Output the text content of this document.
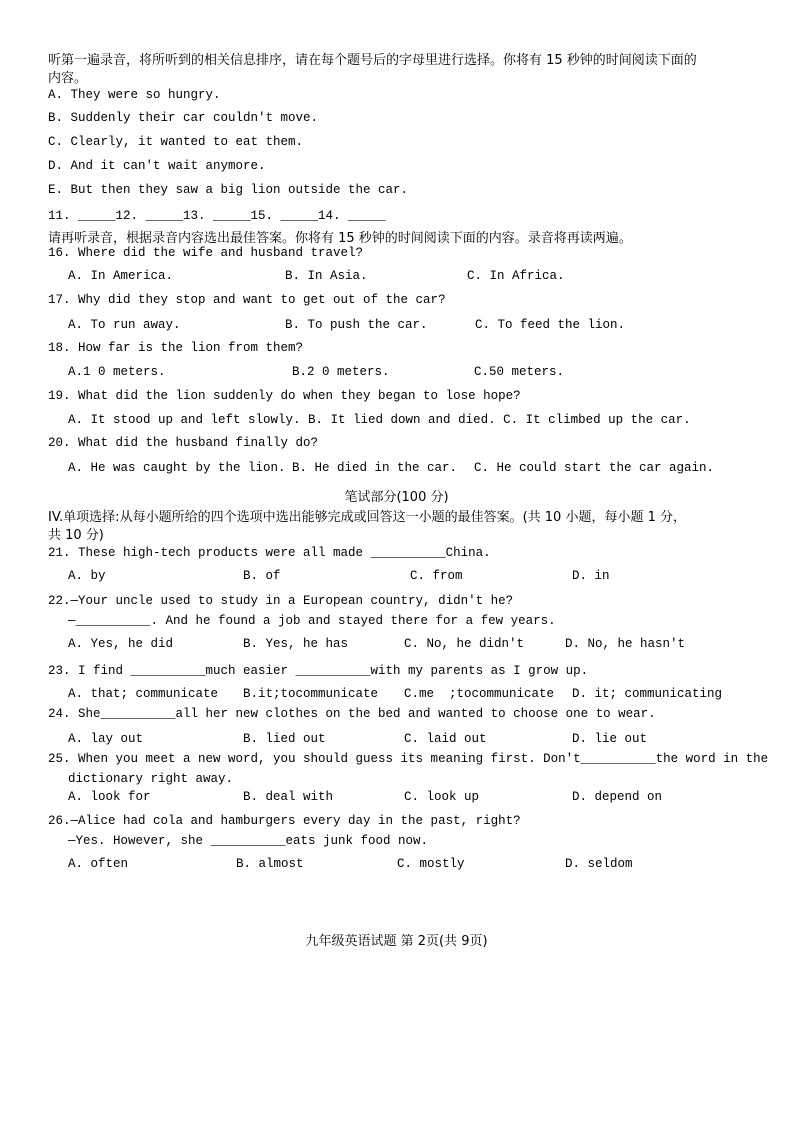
听第一遍录音，将所听到的相关信息排序，请在每个题号后的字母里进行选择。你将有 15 秒钟的时间阅读下面的
内容。
A. They were so hungry.
B. Suddenly their car couldn't move.
C. Clearly, it wanted to eat them.
D. And it can't wait anymore.
E. But then they saw a big lion outside the car.
11. _____12. _____13. _____15. _____14. _____
请再听录音，根据录音内容选出最佳答案。你将有 15 秒钟的时间阅读下面的内容。录音将再读两遍。
16. Where did the wife and husband travel?
A. In America.	B. In Asia.	C. In Africa.
17. Why did they stop and want to get out of the car?
A. To run away.	B. To push the car.	C. To feed the lion.
18. How far is the lion from them?
A.1 0 meters.	B.2 0 meters.	C.50 meters.
19. What did the lion suddenly do when they began to lose hope?
A. It stood up and left slowly. B. It lied down and died. C. It climbed up the car.
20. What did the husband finally do?
A. He was caught by the lion. B. He died in the car. C. He could start the car again.
笔试部分(100 分)
IV.单项选择:从每小题所给的四个选项中选出能够完成或回答这一小题的最佳答案。(共 10 小题，每小题 1 分，
共 10 分)
21. These high-tech products were all made __________China.
A. by	B. of	C. from	D. in
22.—Your uncle used to study in a European country, didn't he?
—__________. And he found a job and stayed there for a few years.
A. Yes, he did	B. Yes, he has	C. No, he didn't	D. No, he hasn't
23. I find __________much easier __________with my parents as I grow up.
A. that; communicate B.it;tocommunicate C.me  ;tocommunicate D. it; communicating
24. She__________all her new clothes on the bed and wanted to choose one to wear.
A. lay out	B. lied out	C. laid out	D. lie out
25. When you meet a new word, you should guess its meaning first. Don't__________the word in the
dictionary right away.
A. look for	B. deal with	C. look up	D. depend on
26.—Alice had cola and hamburgers every day in the past, right?
—Yes. However, she __________eats junk food now.
A. often	B. almost	C. mostly	D. seldom
九年级英语试题 第 2页(共 9页)
